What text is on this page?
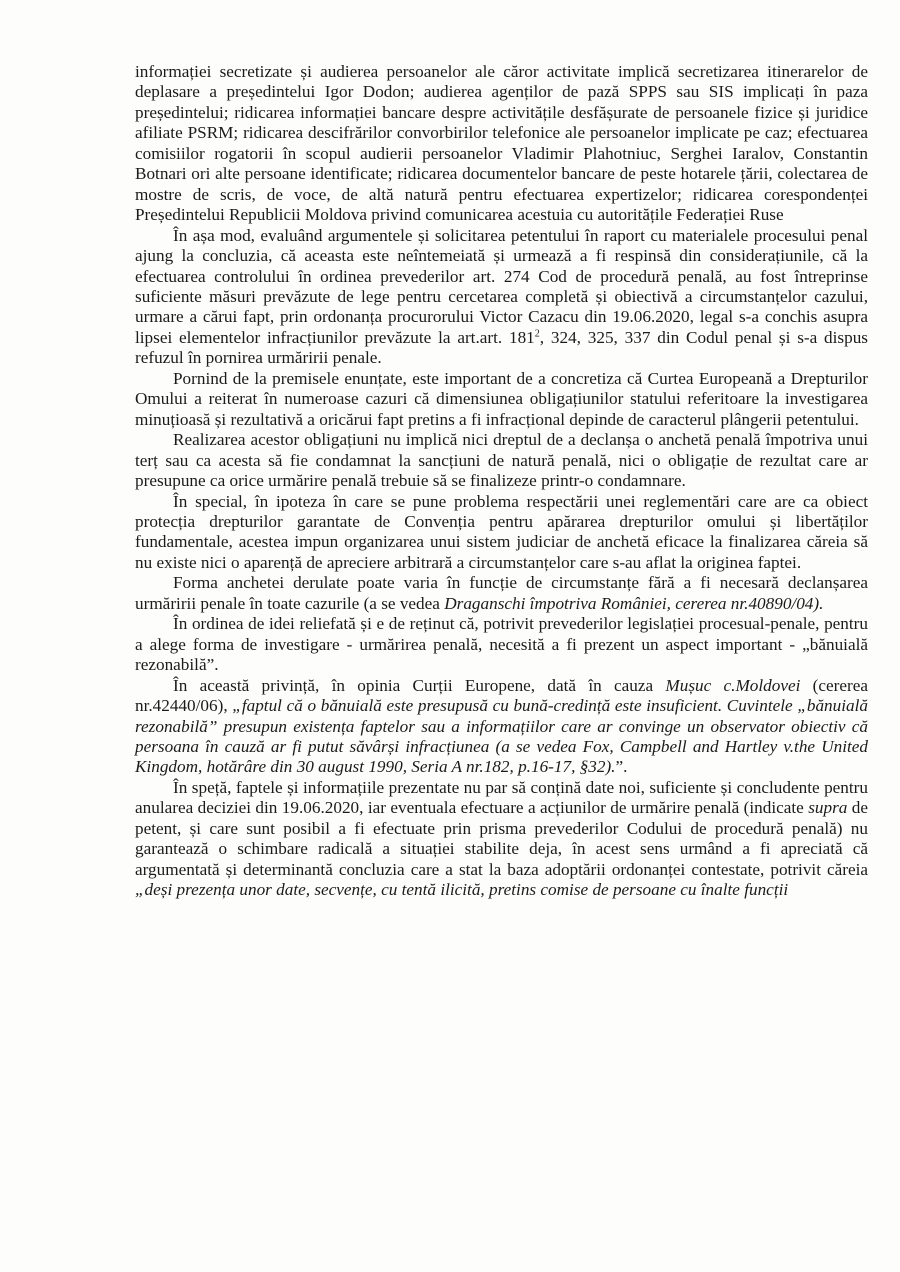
informației secretizate și audierea persoanelor ale căror activitate implică secretizarea itinerarelor de deplasare a președintelui Igor Dodon; audierea agenților de pază SPPS sau SIS implicați în paza președintelui; ridicarea informației bancare despre activitățile desfășurate de persoanele fizice și juridice afiliate PSRM; ridicarea descifrărilor convorbirilor telefonice ale persoanelor implicate pe caz; efectuarea comisiilor rogatorii în scopul audierii persoanelor Vladimir Plahotniuc, Serghei Iaralov, Constantin Botnari ori alte persoane identificate; ridicarea documentelor bancare de peste hotarele țării, colectarea de mostre de scris, de voce, de altă natură pentru efectuarea expertizelor; ridicarea corespondenței Președintelui Republicii Moldova privind comunicarea acestuia cu autoritățile Federației Ruse

În așa mod, evaluând argumentele și solicitarea petentului în raport cu materialele procesului penal ajung la concluzia, că aceasta este neîntemeiată și urmează a fi respinsă din considerațiunile, că la efectuarea controlului în ordinea prevederilor art. 274 Cod de procedură penală, au fost întreprinse suficiente măsuri prevăzute de lege pentru cercetarea completă și obiectivă a circumstanțelor cazului, urmare a cărui fapt, prin ordonanța procurorului Victor Cazacu din 19.06.2020, legal s-a conchis asupra lipsei elementelor infracțiunilor prevăzute la art.art. $181^2$, 324, 325, 337 din Codul penal și s-a dispus refuzul în pornirea urmăririi penale.

Pornind de la premisele enunțate, este important de a concretiza că Curtea Europeană a Drepturilor Omului a reiterat în numeroase cazuri că dimensiunea obligațiunilor statului referitoare la investigarea minuțioasă și rezultativă a oricărui fapt pretins a fi infracțional depinde de caracterul plângerii petentului.

Realizarea acestor obligațiuni nu implică nici dreptul de a declanșa o anchetă penală împotriva unui terț sau ca acesta să fie condamnat la sancțiuni de natură penală, nici o obligație de rezultat care ar presupune ca orice urmărire penală trebuie să se finalizeze printr-o condamnare.

În special, în ipoteza în care se pune problema respectării unei reglementări care are ca obiect protecția drepturilor garantate de Convenția pentru apărarea drepturilor omului și libertăților fundamentale, acestea impun organizarea unui sistem judiciar de anchetă eficace la finalizarea căreia să nu existe nici o aparență de apreciere arbitrară a circumstanțelor care s-au aflat la originea faptei.

Forma anchetei derulate poate varia în funcție de circumstanțe fără a fi necesară declanșarea urmăririi penale în toate cazurile (a se vedea Draganschi împotriva României, cererea nr.40890/04).

În ordinea de idei reliefată și e de reținut că, potrivit prevederilor legislației procesual-penale, pentru a alege forma de investigare - urmărirea penală, necesită a fi prezent un aspect important - „bănuială rezonabilă”.

În această privință, în opinia Curții Europene, dată în cauza Mușuc c.Moldovei (cererea nr.42440/06), „faptul că o bănuială este presupusă cu bună-credință este insuficient. Cuvintele „bănuială rezonabilă” presupun existența faptelor sau a informațiilor care ar convinge un observator obiectiv că persoana în cauză ar fi putut săvârși infracțiunea (a se vedea Fox, Campbell and Hartley v.the United Kingdom, hotărâre din 30 august 1990, Seria A nr.182, p.16-17, §32).”.

În speță, faptele și informațiile prezentate nu par să conțină date noi, suficiente și concludente pentru anularea deciziei din 19.06.2020, iar eventuala efectuare a acțiunilor de urmărire penală (indicate supra de petent, și care sunt posibil a fi efectuate prin prisma prevederilor Codului de procedură penală) nu garantează o schimbare radicală a situației stabilite deja, în acest sens urmând a fi apreciată că argumentată și determinantă concluzia care a stat la baza adoptării ordonanței contestate, potrivit căreia „deși prezența unor date, secvențe, cu tentă ilicită, pretins comise de persoane cu înalte funcții
